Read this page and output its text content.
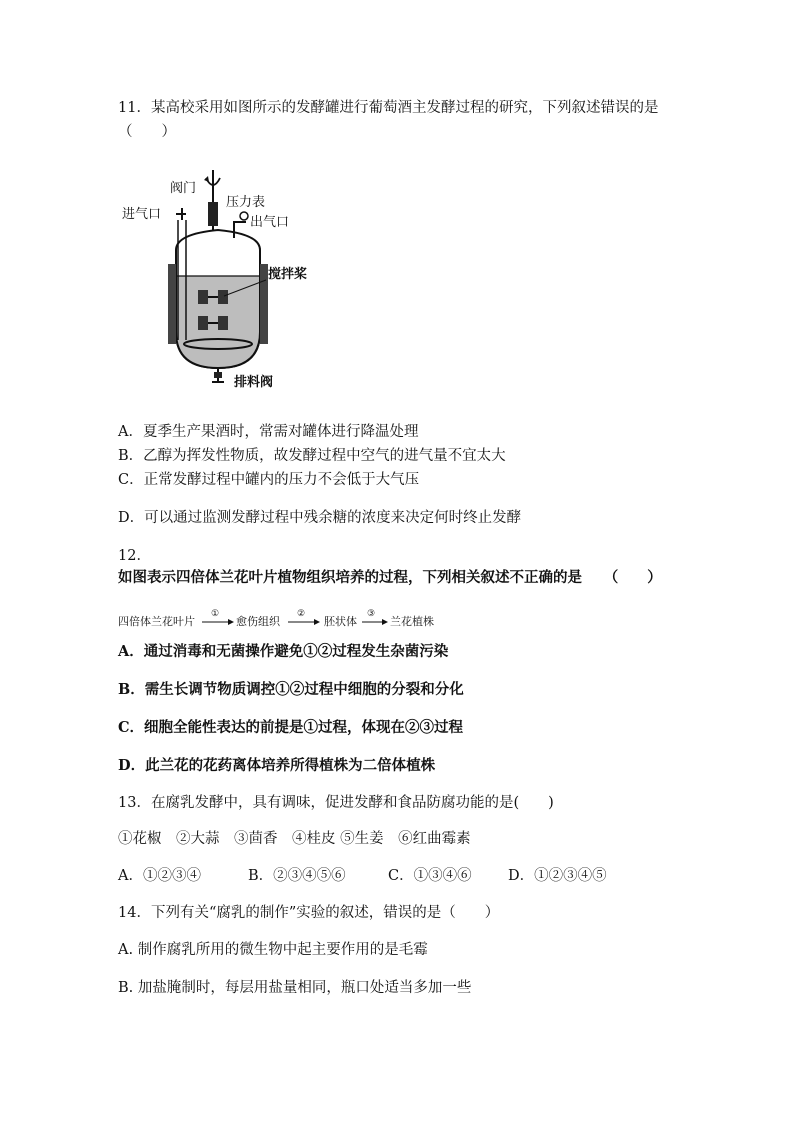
11．某高校采用如图所示的发酵罐进行葡萄酒主发酵过程的研究，下列叙述错误的是
（　　）
阀门
进气口
压力表
出气口
搅拌桨
排料阀
A．夏季生产果酒时，常需对罐体进行降温处理
B．乙醇为挥发性物质，故发酵过程中空气的进气量不宜太大
C．正常发酵过程中罐内的压力不会低于大气压
D．可以通过监测发酵过程中残余糖的浓度来决定何时终止发酵
12．
如图表示四倍体兰花叶片植物组织培养的过程，下列相关叙述不正确的是　　（　　）
四倍体兰花叶片
①
愈伤组织
②
胚状体
③
兰花植株
A．通过消毒和无菌操作避免①②过程发生杂菌污染
B．需生长调节物质调控①②过程中细胞的分裂和分化
C．细胞全能性表达的前提是①过程，体现在②③过程
D．此兰花的花药离体培养所得植株为二倍体植株
13．在腐乳发酵中，具有调味，促进发酵和食品防腐功能的是(　　)
①花椒　②大蒜　③茴香　④桂皮 ⑤生姜　⑥红曲霉素
A．①②③④	B．②③④⑤⑥	C．①③④⑥	D．①②③④⑤
14．下列有关“腐乳的制作”实验的叙述，错误的是（　　）
A. 制作腐乳所用的微生物中起主要作用的是毛霉
B. 加盐腌制时，每层用盐量相同，瓶口处适当多加一些
